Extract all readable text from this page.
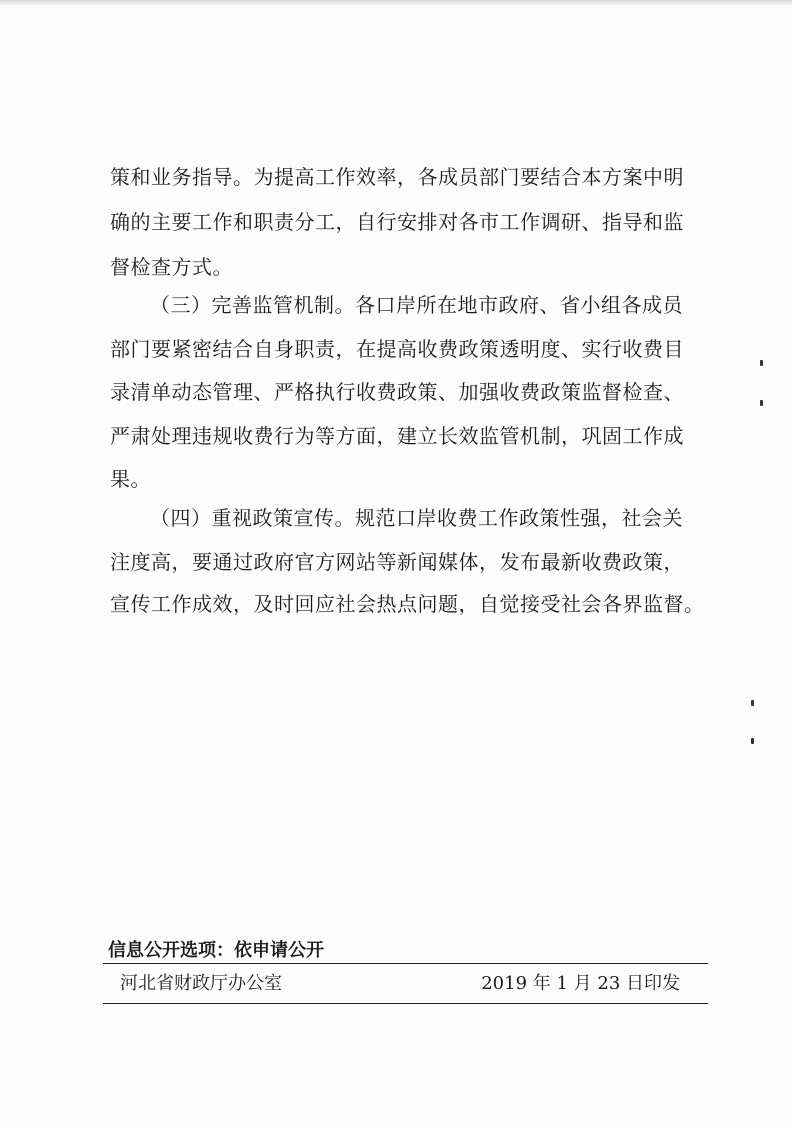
策和业务指导。为提高工作效率，各成员部门要结合本方案中明
确的主要工作和职责分工，自行安排对各市工作调研、指导和监
督检查方式。
（三）完善监管机制。各口岸所在地市政府、省小组各成员
部门要紧密结合自身职责，在提高收费政策透明度、实行收费目
录清单动态管理、严格执行收费政策、加强收费政策监督检查、
严肃处理违规收费行为等方面，建立长效监管机制，巩固工作成
果。
（四）重视政策宣传。规范口岸收费工作政策性强，社会关
注度高，要通过政府官方网站等新闻媒体，发布最新收费政策，
宣传工作成效，及时回应社会热点问题，自觉接受社会各界监督。
信息公开选项：依申请公开
河北省财政厅办公室	2019 年 1 月 23 日印发
